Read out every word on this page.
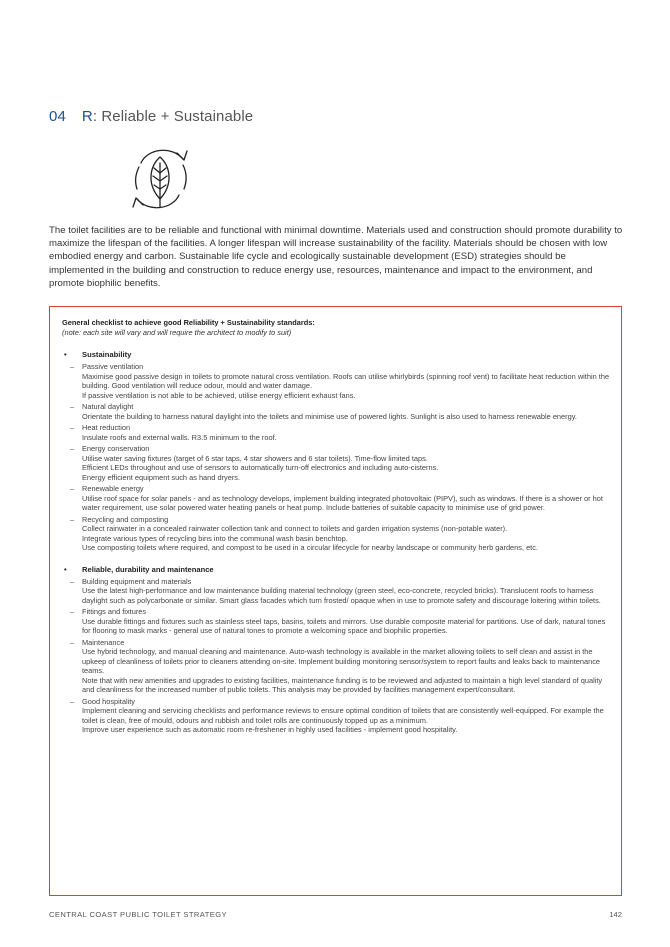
04 R: Reliable + Sustainable
The toilet facilities are to be reliable and functional with minimal downtime. Materials used and construction should promote durability to maximize the lifespan of the facilities. A longer lifespan will increase sustainability of the facility. Materials should be chosen with low embodied energy and carbon. Sustainable life cycle and ecologically sustainable development (ESD) strategies should be implemented in the building and construction to reduce energy use, resources, maintenance and impact to the environment, and promote biophilic benefits.
General checklist to achieve good Reliability + Sustainability standards:
(note: each site will vary and will require the architect to modify to suit)
• Sustainability
– Passive ventilation
Maximise good passive design in toilets to promote natural cross ventilation. Roofs can utilise whirlybirds (spinning roof vent) to facilitate heat reduction within the building. Good ventilation will reduce odour, mould and water damage.
If passive ventilation is not able to be achieved, utilise energy efficient exhaust fans.
– Natural daylight
Orientate the building to harness natural daylight into the toilets and minimise use of powered lights. Sunlight is also used to harness renewable energy.
– Heat reduction
Insulate roofs and external walls. R3.5 minimum to the roof.
– Energy conservation
Utilise water saving fixtures (target of 6 star taps, 4 star showers and 6 star toilets). Time-flow limited taps.
Efficient LEDs throughout and use of sensors to automatically turn-off electronics and including auto-cisterns.
Energy efficient equipment such as hand dryers.
– Renewable energy
Utilise roof space for solar panels - and as technology develops, implement building integrated photovoltaic (PIPV), such as windows. If there is a shower or hot water requirement, use solar powered water heating panels or heat pump. Include batteries of suitable capacity to minimise use of grid power.
– Recycling and composting
Collect rainwater in a concealed rainwater collection tank and connect to toilets and garden irrigation systems (non-potable water).
Integrate various types of recycling bins into the communal wash basin benchtop.
Use composting toilets where required, and compost to be used in a circular lifecycle for nearby landscape or community herb gardens, etc.
• Reliable, durability and maintenance
– Building equipment and materials
Use the latest high-performance and low maintenance building material technology (green steel, eco-concrete, recycled bricks). Translucent roofs to harness daylight such as polycarbonate or similar. Smart glass facades which turn frosted/ opaque when in use to promote safety and discourage loitering within toilets.
– Fittings and fixtures
Use durable fittings and fixtures such as stainless steel taps, basins, toilets and mirrors. Use durable composite material for partitions. Use of dark, natural tones for flooring to mask marks - general use of natural tones to promote a welcoming space and biophilic properties.
– Maintenance
Use hybrid technology, and manual cleaning and maintenance. Auto-wash technology is available in the market allowing toilets to self clean and assist in the upkeep of cleanliness of toilets prior to cleaners attending on-site. Implement building monitoring sensor/system to report faults and leaks back to maintenance teams.
Note that with new amenities and upgrades to existing facilities, maintenance funding is to be reviewed and adjusted to maintain a high level standard of quality and cleanliness for the increased number of public toilets. This analysis may be provided by facilities management expert/consultant.
– Good hospitality
Implement cleaning and servicing checklists and performance reviews to ensure optimal condition of toilets that are consistently well-equipped. For example the toilet is clean, free of mould, odours and rubbish and toilet rolls are continuously topped up as a minimum.
Improve user experience such as automatic room re-freshener in highly used facilities - implement good hospitality.
CENTRAL COAST PUBLIC TOILET STRATEGY	142
